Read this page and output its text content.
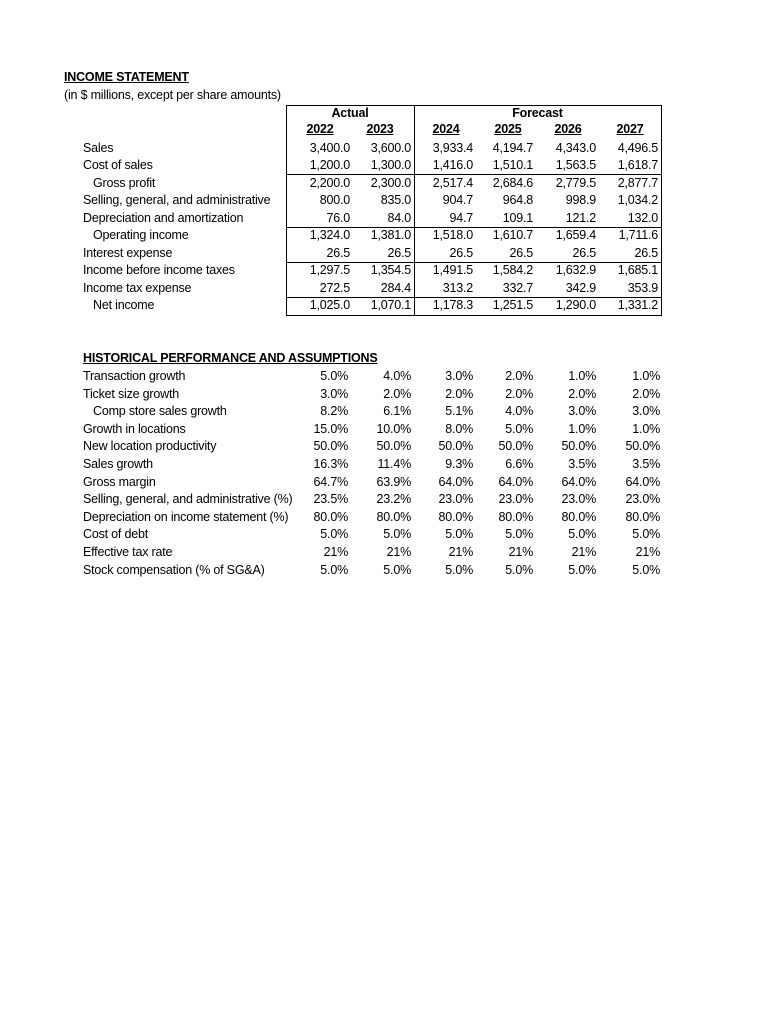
INCOME STATEMENT
(in $ millions, except per share amounts)
Actual	Forecast
2022	2023	2024	2025	2026	2027
Sales	3,400.0	3,600.0	3,933.4	4,194.7	4,343.0	4,496.5
Cost of sales	1,200.0	1,300.0	1,416.0	1,510.1	1,563.5	1,618.7
Gross profit	2,200.0	2,300.0	2,517.4	2,684.6	2,779.5	2,877.7
Selling, general, and administrative	800.0	835.0	904.7	964.8	998.9	1,034.2
Depreciation and amortization	76.0	84.0	94.7	109.1	121.2	132.0
Operating income	1,324.0	1,381.0	1,518.0	1,610.7	1,659.4	1,711.6
Interest expense	26.5	26.5	26.5	26.5	26.5	26.5
Income before income taxes	1,297.5	1,354.5	1,491.5	1,584.2	1,632.9	1,685.1
Income tax expense	272.5	284.4	313.2	332.7	342.9	353.9
Net income	1,025.0	1,070.1	1,178.3	1,251.5	1,290.0	1,331.2
HISTORICAL PERFORMANCE AND ASSUMPTIONS
Transaction growth	5.0%	4.0%	3.0%	2.0%	1.0%	1.0%
Ticket size growth	3.0%	2.0%	2.0%	2.0%	2.0%	2.0%
Comp store sales growth	8.2%	6.1%	5.1%	4.0%	3.0%	3.0%
Growth in locations	15.0%	10.0%	8.0%	5.0%	1.0%	1.0%
New location productivity	50.0%	50.0%	50.0%	50.0%	50.0%	50.0%
Sales growth	16.3%	11.4%	9.3%	6.6%	3.5%	3.5%
Gross margin	64.7%	63.9%	64.0%	64.0%	64.0%	64.0%
Selling, general, and administrative (%)	23.5%	23.2%	23.0%	23.0%	23.0%	23.0%
Depreciation on income statement (%)	80.0%	80.0%	80.0%	80.0%	80.0%	80.0%
Cost of debt	5.0%	5.0%	5.0%	5.0%	5.0%	5.0%
Effective tax rate	21%	21%	21%	21%	21%	21%
Stock compensation (% of SG&A)	5.0%	5.0%	5.0%	5.0%	5.0%	5.0%
